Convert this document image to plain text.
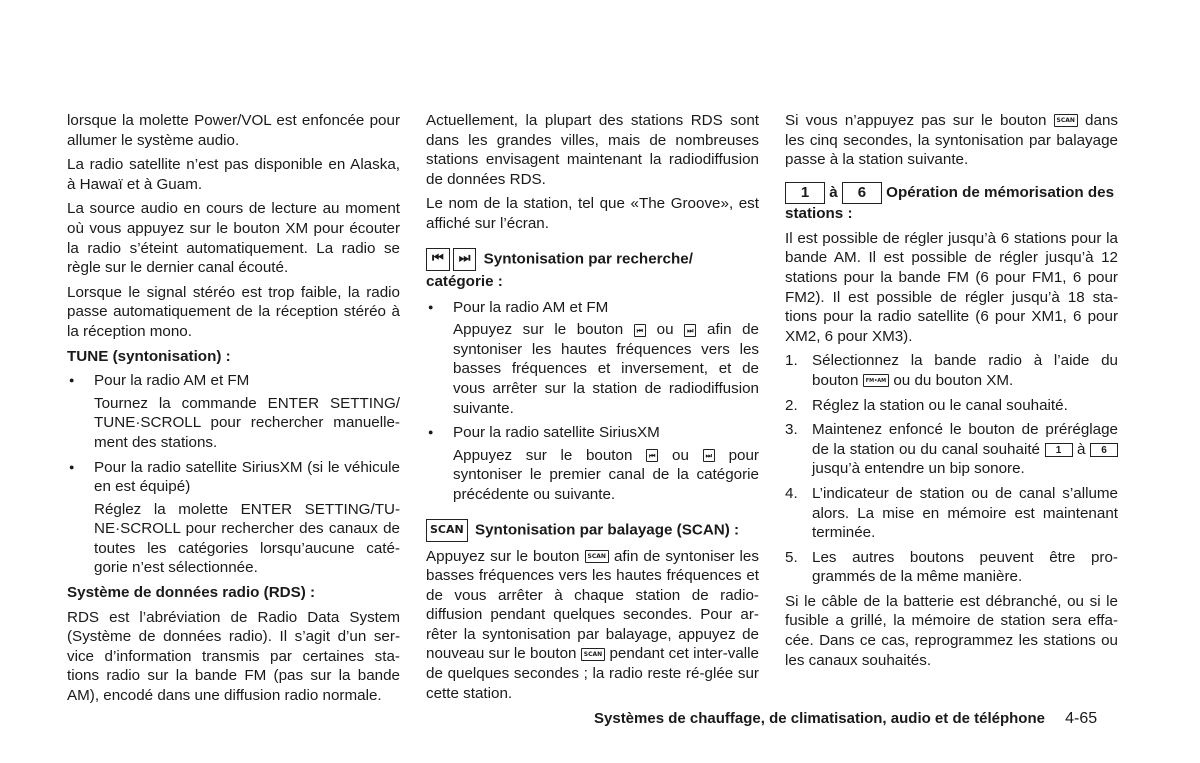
lorsque la molette Power/VOL est enfoncée pour allumer le système audio.

La radio satellite n’est pas disponible en Alaska, à Hawaï et à Guam.

La source audio en cours de lecture au moment où vous appuyez sur le bouton XM pour écouter la radio s’éteint automatiquement. La radio se règle sur le dernier canal écouté.

Lorsque le signal stéréo est trop faible, la radio passe automatiquement de la réception stéréo à la réception mono.

TUNE (syntonisation) :
● Pour la radio AM et FM
Tournez la commande ENTER SETTING/ TUNE·SCROLL pour rechercher manuelle-ment des stations.
● Pour la radio satellite SiriusXM (si le véhicule en est équipé)
Réglez la molette ENTER SETTING/TU-NE·SCROLL pour rechercher des canaux de toutes les catégories lorsqu’aucune caté-gorie n’est sélectionnée.
Système de données radio (RDS) :

RDS est l’abréviation de Radio Data System (Système de données radio). Il s’agit d’un ser-vice d’information transmis par certaines sta-tions radio sur la bande FM (pas sur la bande AM), encodé dans une diffusion radio normale.

Actuellement, la plupart des stations RDS sont dans les grandes villes, mais de nombreuses stations envisagent maintenant la radiodiffusion de données RDS.

Le nom de la station, tel que «The Groove», est affiché sur l’écran.

⏮ ⏭ Syntonisation par recherche/ catégorie :
● Pour la radio AM et FM
Appuyez sur le bouton ⏮ ou ⏭ afin de syntoniser les hautes fréquences vers les basses fréquences et inversement, et de vous arrêter sur la station de radiodiffusion suivante.
● Pour la radio satellite SiriusXM
Appuyez sur le bouton ⏮ ou ⏭ pour syntoniser le premier canal de la catégorie précédente ou suivante.
SCAN Syntonisation par balayage (SCAN) :

Appuyez sur le bouton SCAN afin de syntoniser les basses fréquences vers les hautes fréquences et de vous arrêter à chaque station de radio-diffusion pendant quelques secondes. Pour ar-rêter la syntonisation par balayage, appuyez de nouveau sur le bouton SCAN pendant cet inter-valle de quelques secondes ; la radio reste ré-glée sur cette station.

Si vous n’appuyez pas sur le bouton SCAN dans les cinq secondes, la syntonisation par balayage passe à la station suivante.

1 à 6 Opération de mémorisation des stations :

Il est possible de régler jusqu’à 6 stations pour la bande AM. Il est possible de régler jusqu’à 12 stations pour la bande FM (6 pour FM1, 6 pour FM2). Il est possible de régler jusqu’à 18 sta-tions pour la radio satellite (6 pour XM1, 6 pour XM2, 6 pour XM3).

1. Sélectionnez la bande radio à l’aide du bouton FM•AM ou du bouton XM.
2. Réglez la station ou le canal souhaité.
3. Maintenez enfoncé le bouton de préréglage de la station ou du canal souhaité 1 à 6 jusqu’à entendre un bip sonore.
4. L’indicateur de station ou de canal s’allume alors. La mise en mémoire est maintenant terminée.
5. Les autres boutons peuvent être pro-grammés de la même manière.

Si le câble de la batterie est débranché, ou si le fusible a grillé, la mémoire de station sera effa-cée. Dans ce cas, reprogrammez les stations ou les canaux souhaités.

Systèmes de chauffage, de climatisation, audio et de téléphone 4-65
